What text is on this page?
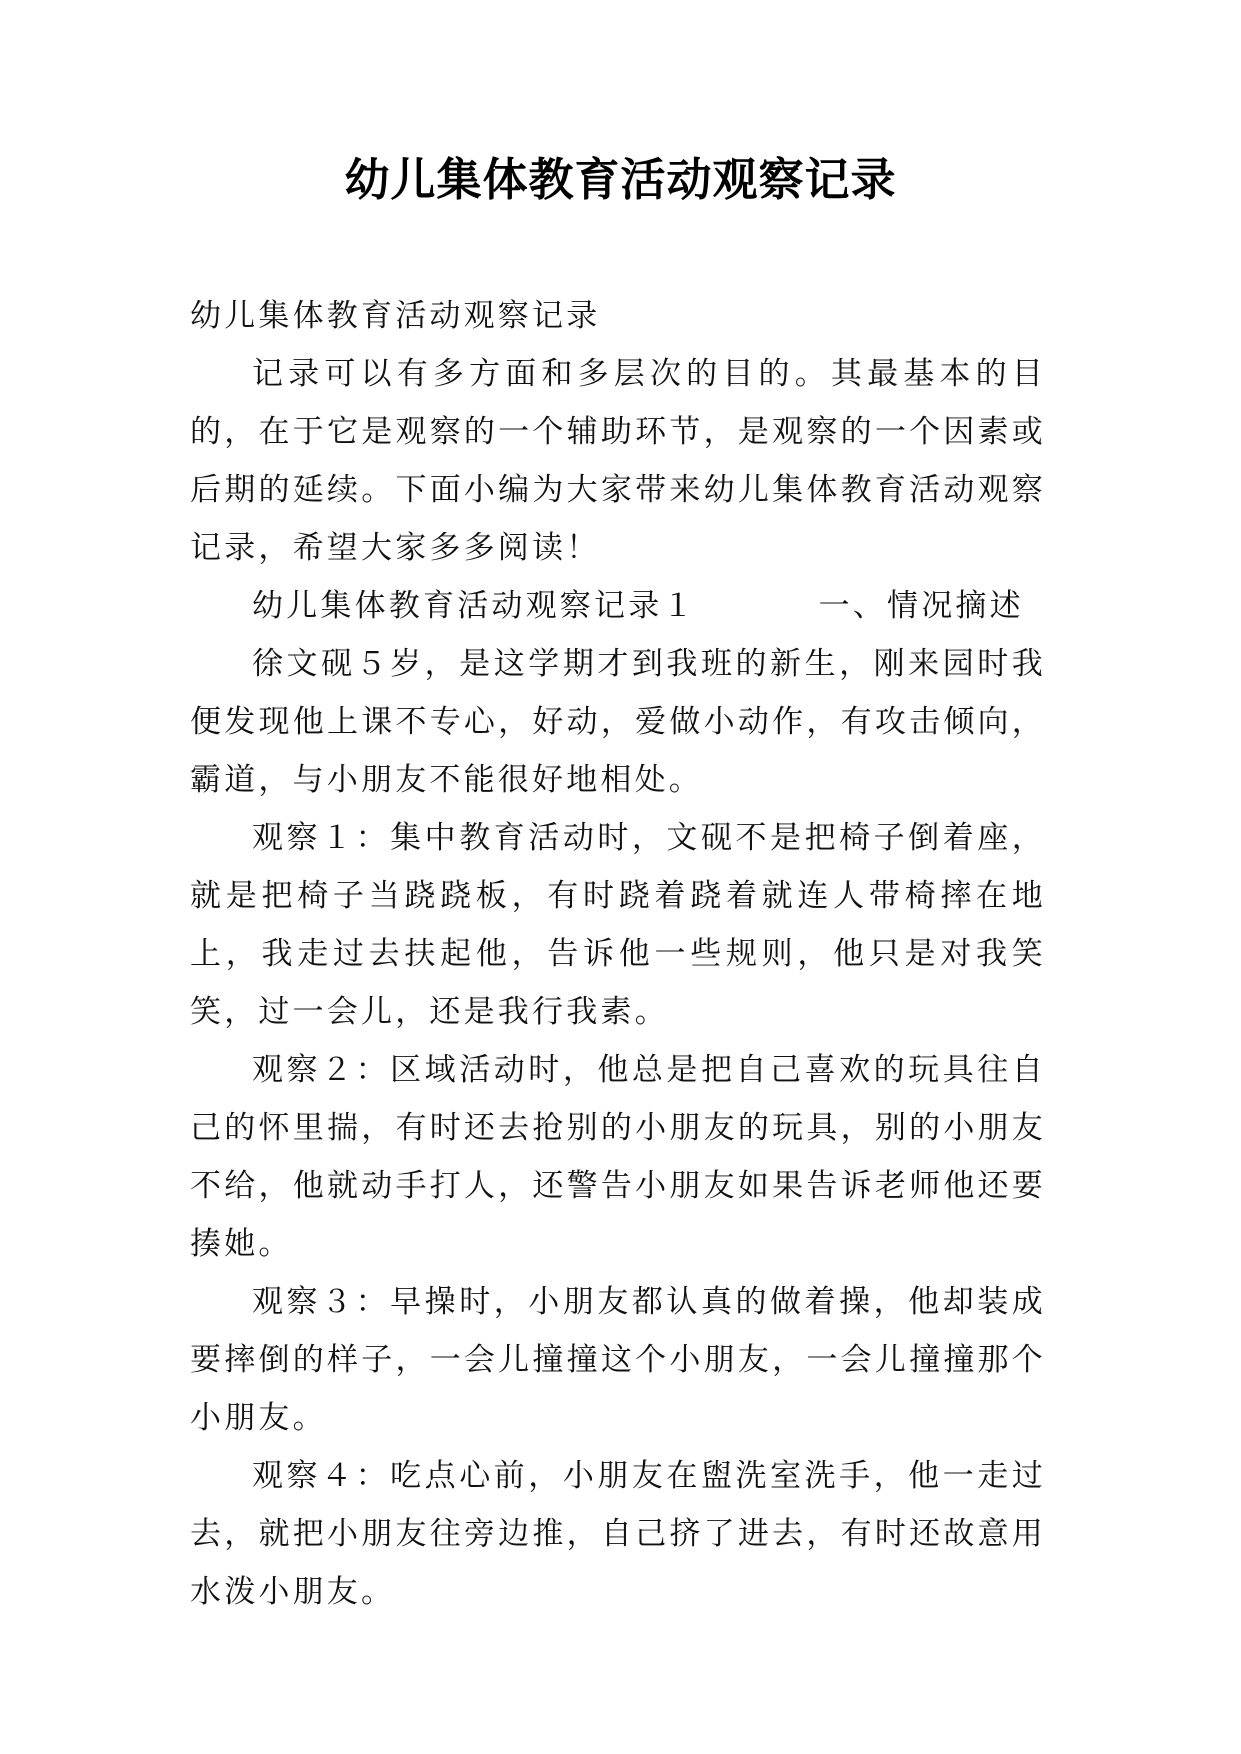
幼儿集体教育活动观察记录

幼儿集体教育活动观察记录

记录可以有多方面和多层次的目的。其最基本的目的，在于它是观察的一个辅助环节，是观察的一个因素或后期的延续。下面小编为大家带来幼儿集体教育活动观察记录，希望大家多多阅读！

幼儿集体教育活动观察记录１	一、情况摘述

徐文砚５岁，是这学期才到我班的新生，刚来园时我便发现他上课不专心，好动，爱做小动作，有攻击倾向，霸道，与小朋友不能很好地相处。

观察１：集中教育活动时，文砚不是把椅子倒着座，就是把椅子当跷跷板，有时跷着跷着就连人带椅摔在地上，我走过去扶起他，告诉他一些规则，他只是对我笑笑，过一会儿，还是我行我素。

观察２：区域活动时，他总是把自己喜欢的玩具往自己的怀里揣，有时还去抢别的小朋友的玩具，别的小朋友不给，他就动手打人，还警告小朋友如果告诉老师他还要揍她。

观察３：早操时，小朋友都认真的做着操，他却装成要摔倒的样子，一会儿撞撞这个小朋友，一会儿撞撞那个小朋友。

观察４：吃点心前，小朋友在盥洗室洗手，他一走过去，就把小朋友往旁边推，自己挤了进去，有时还故意用水泼小朋友。
